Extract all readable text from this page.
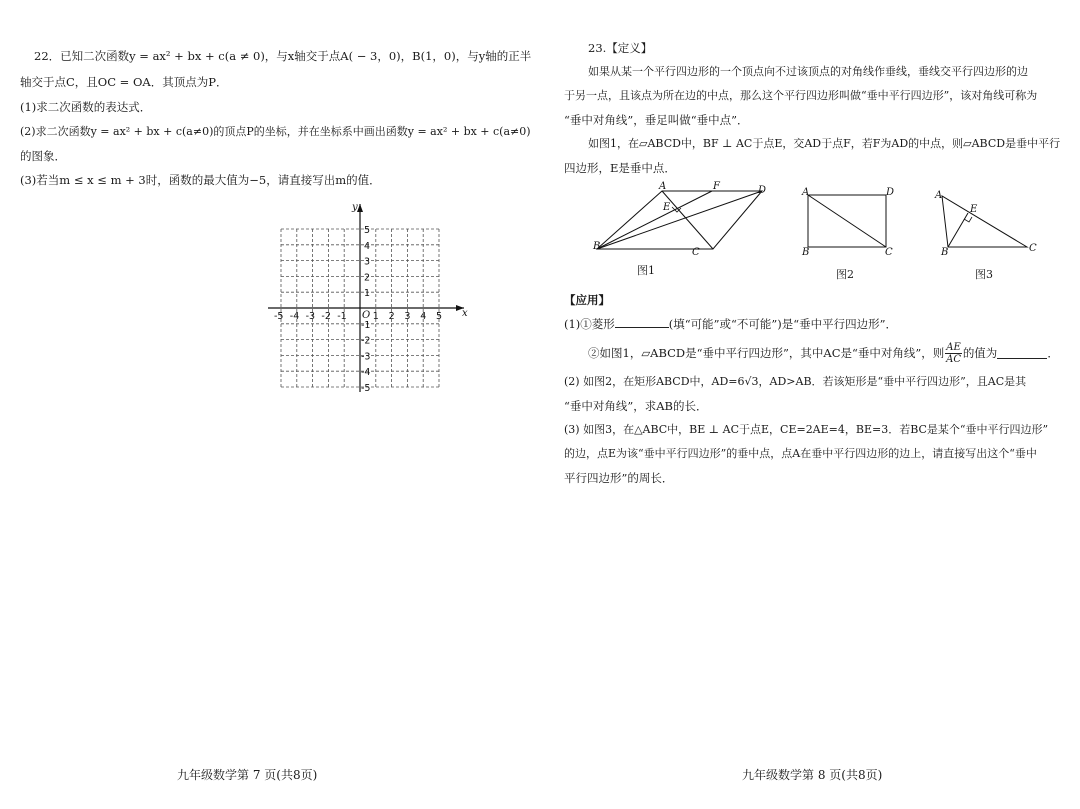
22．已知二次函数y = ax² + bx + c(a ≠ 0)，与x轴交于点A( − 3，0)，B(1，0)，与y轴的正半
轴交于点C，且OC = OA．其顶点为P．
(1)求二次函数的表达式．
(2)求二次函数y = ax² + bx + c(a≠0)的顶点P的坐标，并在坐标系中画出函数y = ax² + bx + c(a≠0)
的图象．
(3)若当m ≤ x ≤ m + 3时，函数的最大值为−5，请直接写出m的值．
x
y
O
-5 -4 -3 -2 -1	1 2 3 4 5
5
4
3
2
1
-1
-2
-3
-4
-5
九年级数学第 7 页(共8页)
23.【定义】
如果从某一个平行四边形的一个顶点向不过该顶点的对角线作垂线，垂线交平行四边形的边
于另一点，且该点为所在边的中点，那么这个平行四边形叫做“垂中平行四边形”，该对角线可称为
“垂中对角线”，垂足叫做“垂中点”．
如图1，在▱ABCD中，BF ⊥ AC于点E，交AD于点F，若F为AD的中点，则▱ABCD是垂中平行
四边形，E是垂中点．
A	F	D
E
B
C
图1
A	D
B	C
图2
A
E
B	C
图3
【应用】
(1)①菱形	(填“可能”或“不可能”)是“垂中平行四边形”．
②如图1，▱ABCD是“垂中平行四边形”，其中AC是“垂中对角线”，则 $\frac{AE}{AC}$ 的值为	．
(2) 如图2，在矩形ABCD中，AD=6√3，AD>AB．若该矩形是“垂中平行四边形”，且AC是其
“垂中对角线”，求AB的长．
(3) 如图3，在△ABC中，BE ⊥ AC于点E，CE=2AE=4，BE=3．若BC是某个“垂中平行四边形”
的边，点E为该“垂中平行四边形”的垂中点，点A在垂中平行四边形的边上，请直接写出这个“垂中
平行四边形”的周长．
九年级数学第 8 页(共8页)
